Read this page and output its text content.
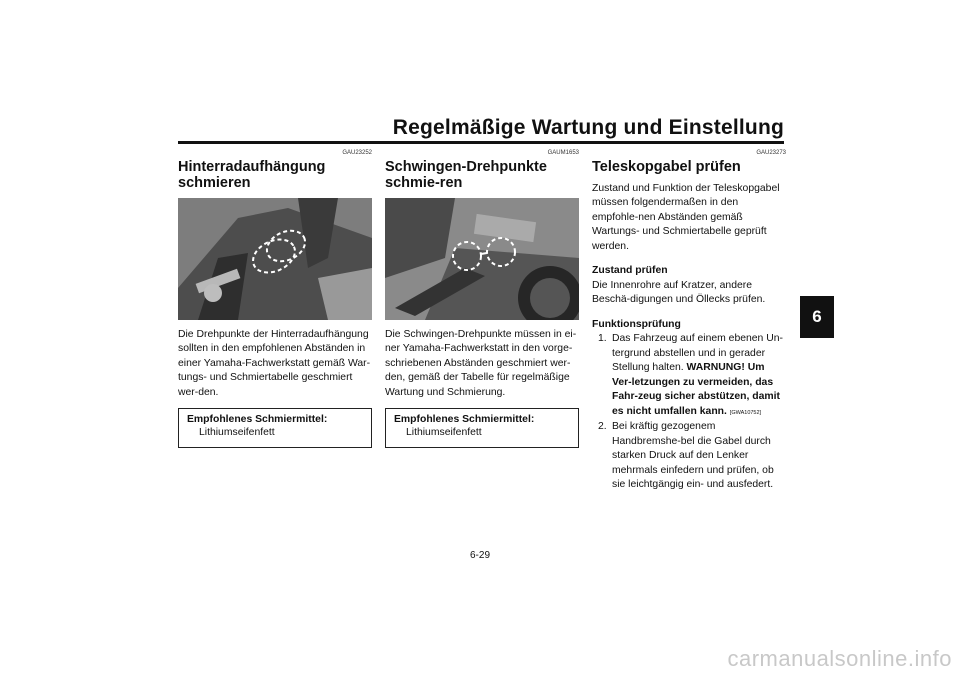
Regelmäßige Wartung und Einstellung
6
GAU23252
Hinterradaufhängung schmieren

Die Drehpunkte der Hinterradaufhängung sollten in den empfohlenen Abständen in einer Yamaha-Fachwerkstatt gemäß War-tungs- und Schmiertabelle geschmiert wer-den.

Empfohlenes Schmiermittel:
Lithiumseifenfett
GAUM1653
Schwingen-Drehpunkte schmie-ren

Die Schwingen-Drehpunkte müssen in ei-ner Yamaha-Fachwerkstatt in den vorge-schriebenen Abständen geschmiert wer-den, gemäß der Tabelle für regelmäßige Wartung und Schmierung.

Empfohlenes Schmiermittel:
Lithiumseifenfett
GAU23273
Teleskopgabel prüfen

Zustand und Funktion der Teleskopgabel müssen folgendermaßen in den empfohle-nen Abständen gemäß Wartungs- und Schmiertabelle geprüft werden.

Zustand prüfen

Die Innenrohre auf Kratzer, andere Beschä-digungen und Öllecks prüfen.

Funktionsprüfung
1. Das Fahrzeug auf einem ebenen Un-tergrund abstellen und in gerader Stellung halten. WARNUNG! Um Ver-letzungen zu vermeiden, das Fahr-zeug sicher abstützen, damit es nicht umfallen kann. [GWA10752]
2. Bei kräftig gezogenem Handbremshe-bel die Gabel durch starken Druck auf den Lenker mehrmals einfedern und prüfen, ob sie leichtgängig ein- und ausfedert.
6-29
carmanualsonline.info
